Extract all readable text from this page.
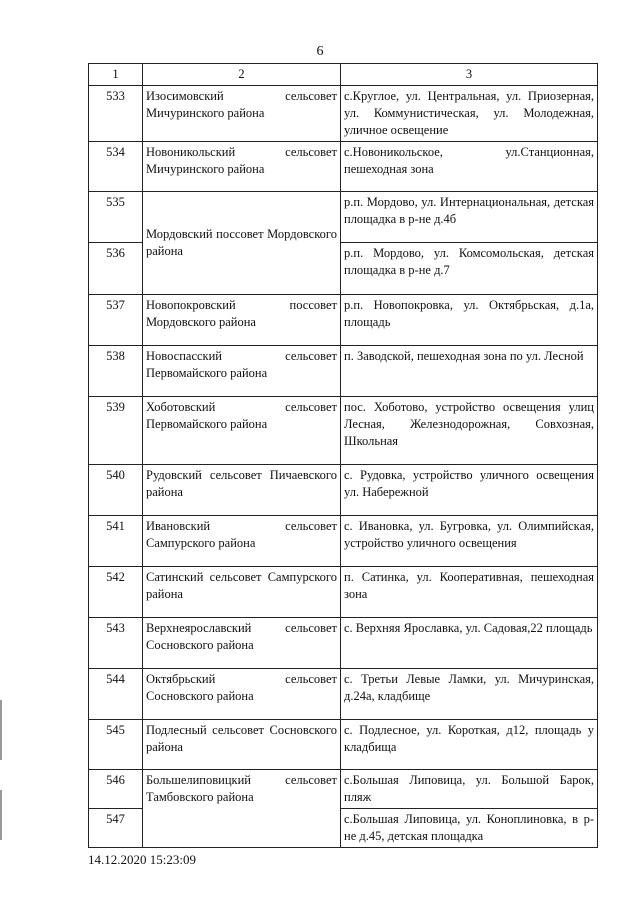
6
1	2	3
533	Изосимовский сельсовет Мичуринского района	с.Круглое, ул. Центральная, ул. Приозерная, ул. Коммунистическая, ул. Молодежная, уличное освещение
534	Новоникольский сельсовет Мичуринского района	с.Новоникольское, ул.Станционная, пешеходная зона
535	Мордовский поссовет Мордовского района	р.п. Мордово, ул. Интернациональная, детская площадка в р-не д.4б
536		р.п. Мордово, ул. Комсомольская, детская площадка в р-не д.7
537	Новопокровский поссовет Мордовского района	р.п. Новопокровка, ул. Октябрьская, д.1а, площадь
538	Новоспасский сельсовет Первомайского района	п. Заводской, пешеходная зона по ул. Лесной
539	Хоботовский сельсовет Первомайского района	пос. Хоботово, устройство освещения улиц Лесная, Железнодорожная, Совхозная, Школьная
540	Рудовский сельсовет Пичаевского района	с. Рудовка, устройство уличного освещения ул. Набережной
541	Ивановский сельсовет Сампурского района	с. Ивановка, ул. Бугровка, ул. Олимпийская, устройство уличного освещения
542	Сатинский сельсовет Сампурского района	п. Сатинка, ул. Кооперативная, пешеходная зона
543	Верхнеярославский сельсовет Сосновского района	с. Верхняя Ярославка, ул. Садовая,22 площадь
544	Октябрьский сельсовет Сосновского района	с. Третьи Левые Ламки, ул. Мичуринская, д.24а, кладбище
545	Подлесный сельсовет Сосновского района	с. Подлесное, ул. Короткая, д12, площадь у кладбища
546	Большелиповицкий сельсовет Тамбовского района	с.Большая Липовица, ул. Большой Барок, пляж
547		с.Большая Липовица, ул. Коноплиновка, в р-не д.45, детская площадка
14.12.2020 15:23:09
